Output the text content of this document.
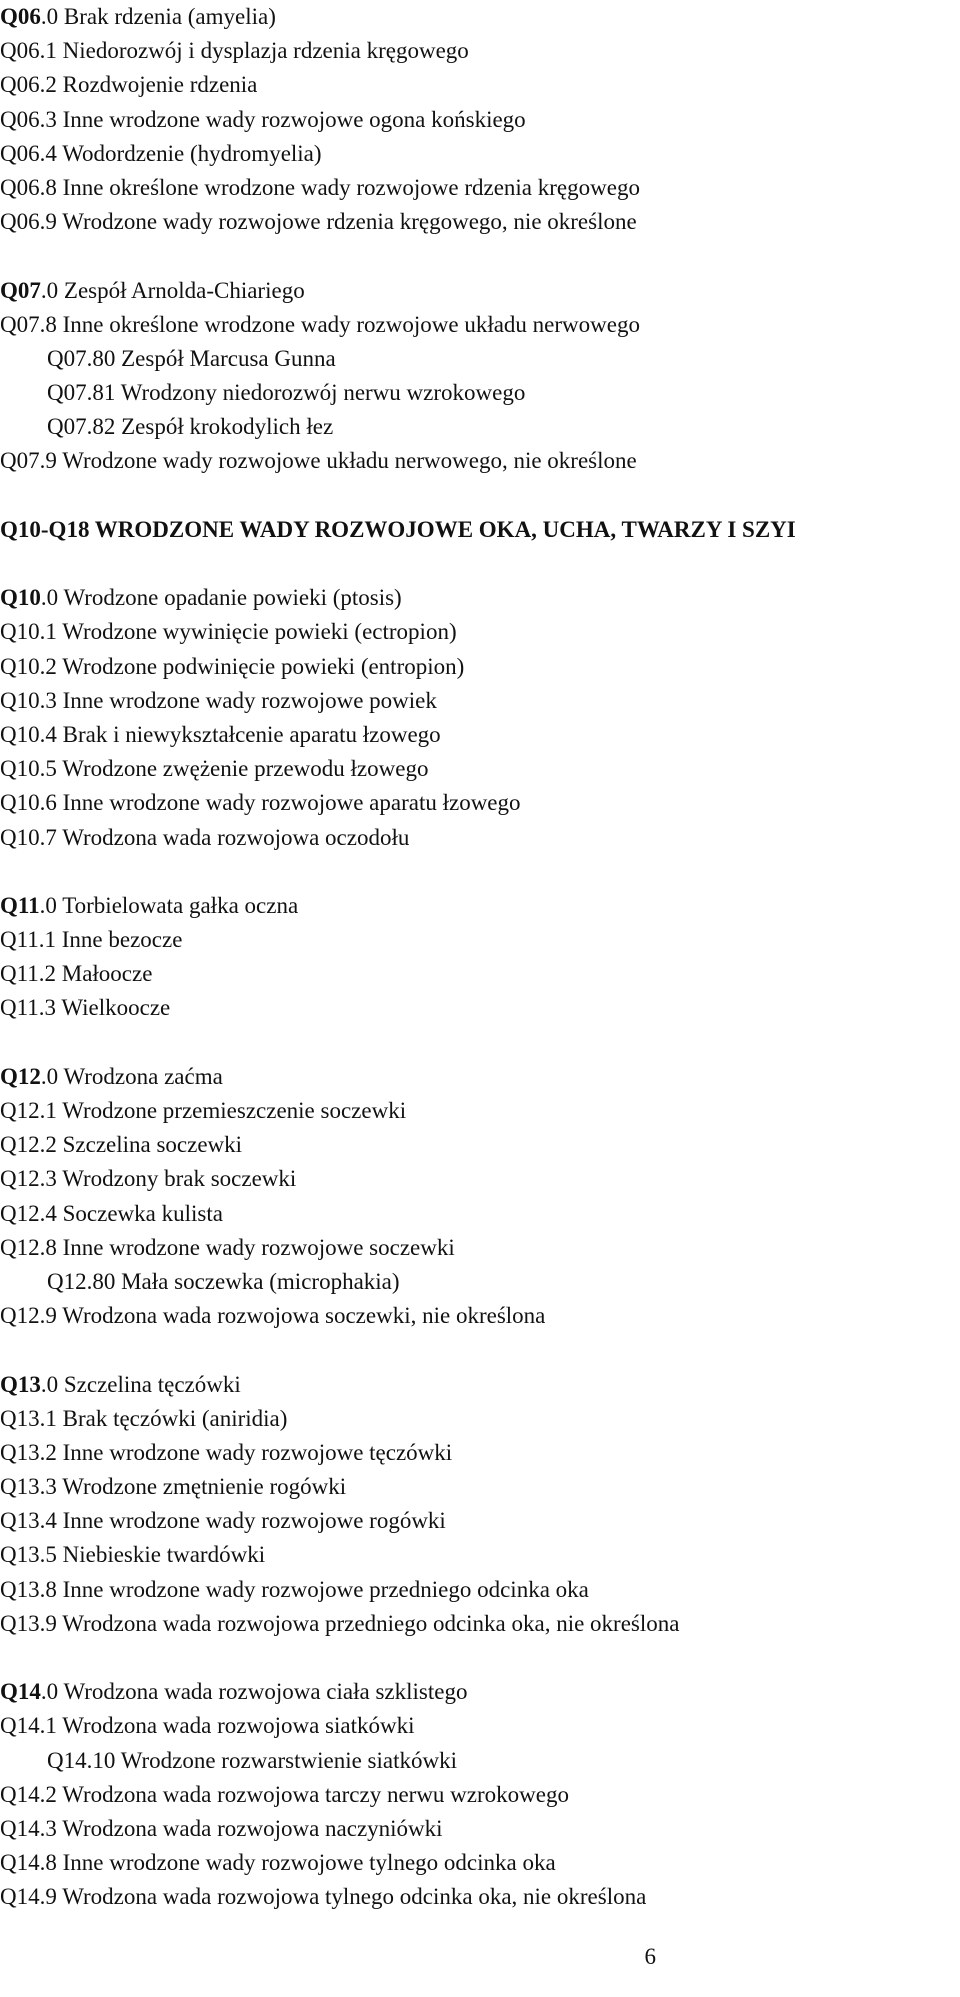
Q06.0 Brak rdzenia (amyelia)
Q06.1 Niedorozwój i dysplazja rdzenia kręgowego
Q06.2 Rozdwojenie rdzenia
Q06.3 Inne wrodzone wady rozwojowe ogona końskiego
Q06.4 Wodordzenie (hydromyelia)
Q06.8 Inne określone wrodzone wady rozwojowe rdzenia kręgowego
Q06.9 Wrodzone wady rozwojowe rdzenia kręgowego, nie określone
Q07.0 Zespół Arnolda-Chiariego
Q07.8 Inne określone wrodzone wady rozwojowe układu nerwowego
Q07.80 Zespół Marcusa Gunna
Q07.81 Wrodzony niedorozwój nerwu wzrokowego
Q07.82 Zespół krokodylich łez
Q07.9 Wrodzone wady rozwojowe układu nerwowego, nie określone
Q10-Q18 WRODZONE WADY ROZWOJOWE OKA, UCHA, TWARZY I SZYI
Q10.0 Wrodzone opadanie powieki (ptosis)
Q10.1 Wrodzone wywinięcie powieki (ectropion)
Q10.2 Wrodzone podwinięcie powieki (entropion)
Q10.3 Inne wrodzone wady rozwojowe powiek
Q10.4 Brak i niewykształcenie aparatu łzowego
Q10.5 Wrodzone zwężenie przewodu łzowego
Q10.6 Inne wrodzone wady rozwojowe aparatu łzowego
Q10.7 Wrodzona wada rozwojowa oczodołu
Q11.0 Torbielowata gałka oczna
Q11.1 Inne bezocze
Q11.2 Małoocze
Q11.3 Wielkoocze
Q12.0 Wrodzona zaćma
Q12.1 Wrodzone przemieszczenie soczewki
Q12.2 Szczelina soczewki
Q12.3 Wrodzony brak soczewki
Q12.4 Soczewka kulista
Q12.8 Inne wrodzone wady rozwojowe soczewki
Q12.80 Mała soczewka (microphakia)
Q12.9 Wrodzona wada rozwojowa soczewki, nie określona
Q13.0 Szczelina tęczówki
Q13.1 Brak tęczówki (aniridia)
Q13.2 Inne wrodzone wady rozwojowe tęczówki
Q13.3 Wrodzone zmętnienie rogówki
Q13.4 Inne wrodzone wady rozwojowe rogówki
Q13.5 Niebieskie twardówki
Q13.8 Inne wrodzone wady rozwojowe przedniego odcinka oka
Q13.9 Wrodzona wada rozwojowa przedniego odcinka oka, nie określona
Q14.0 Wrodzona wada rozwojowa ciała szklistego
Q14.1 Wrodzona wada rozwojowa siatkówki
Q14.10 Wrodzone rozwarstwienie siatkówki
Q14.2 Wrodzona wada rozwojowa tarczy nerwu wzrokowego
Q14.3 Wrodzona wada rozwojowa naczyniówki
Q14.8 Inne wrodzone wady rozwojowe tylnego odcinka oka
Q14.9 Wrodzona wada rozwojowa tylnego odcinka oka, nie określona
6
